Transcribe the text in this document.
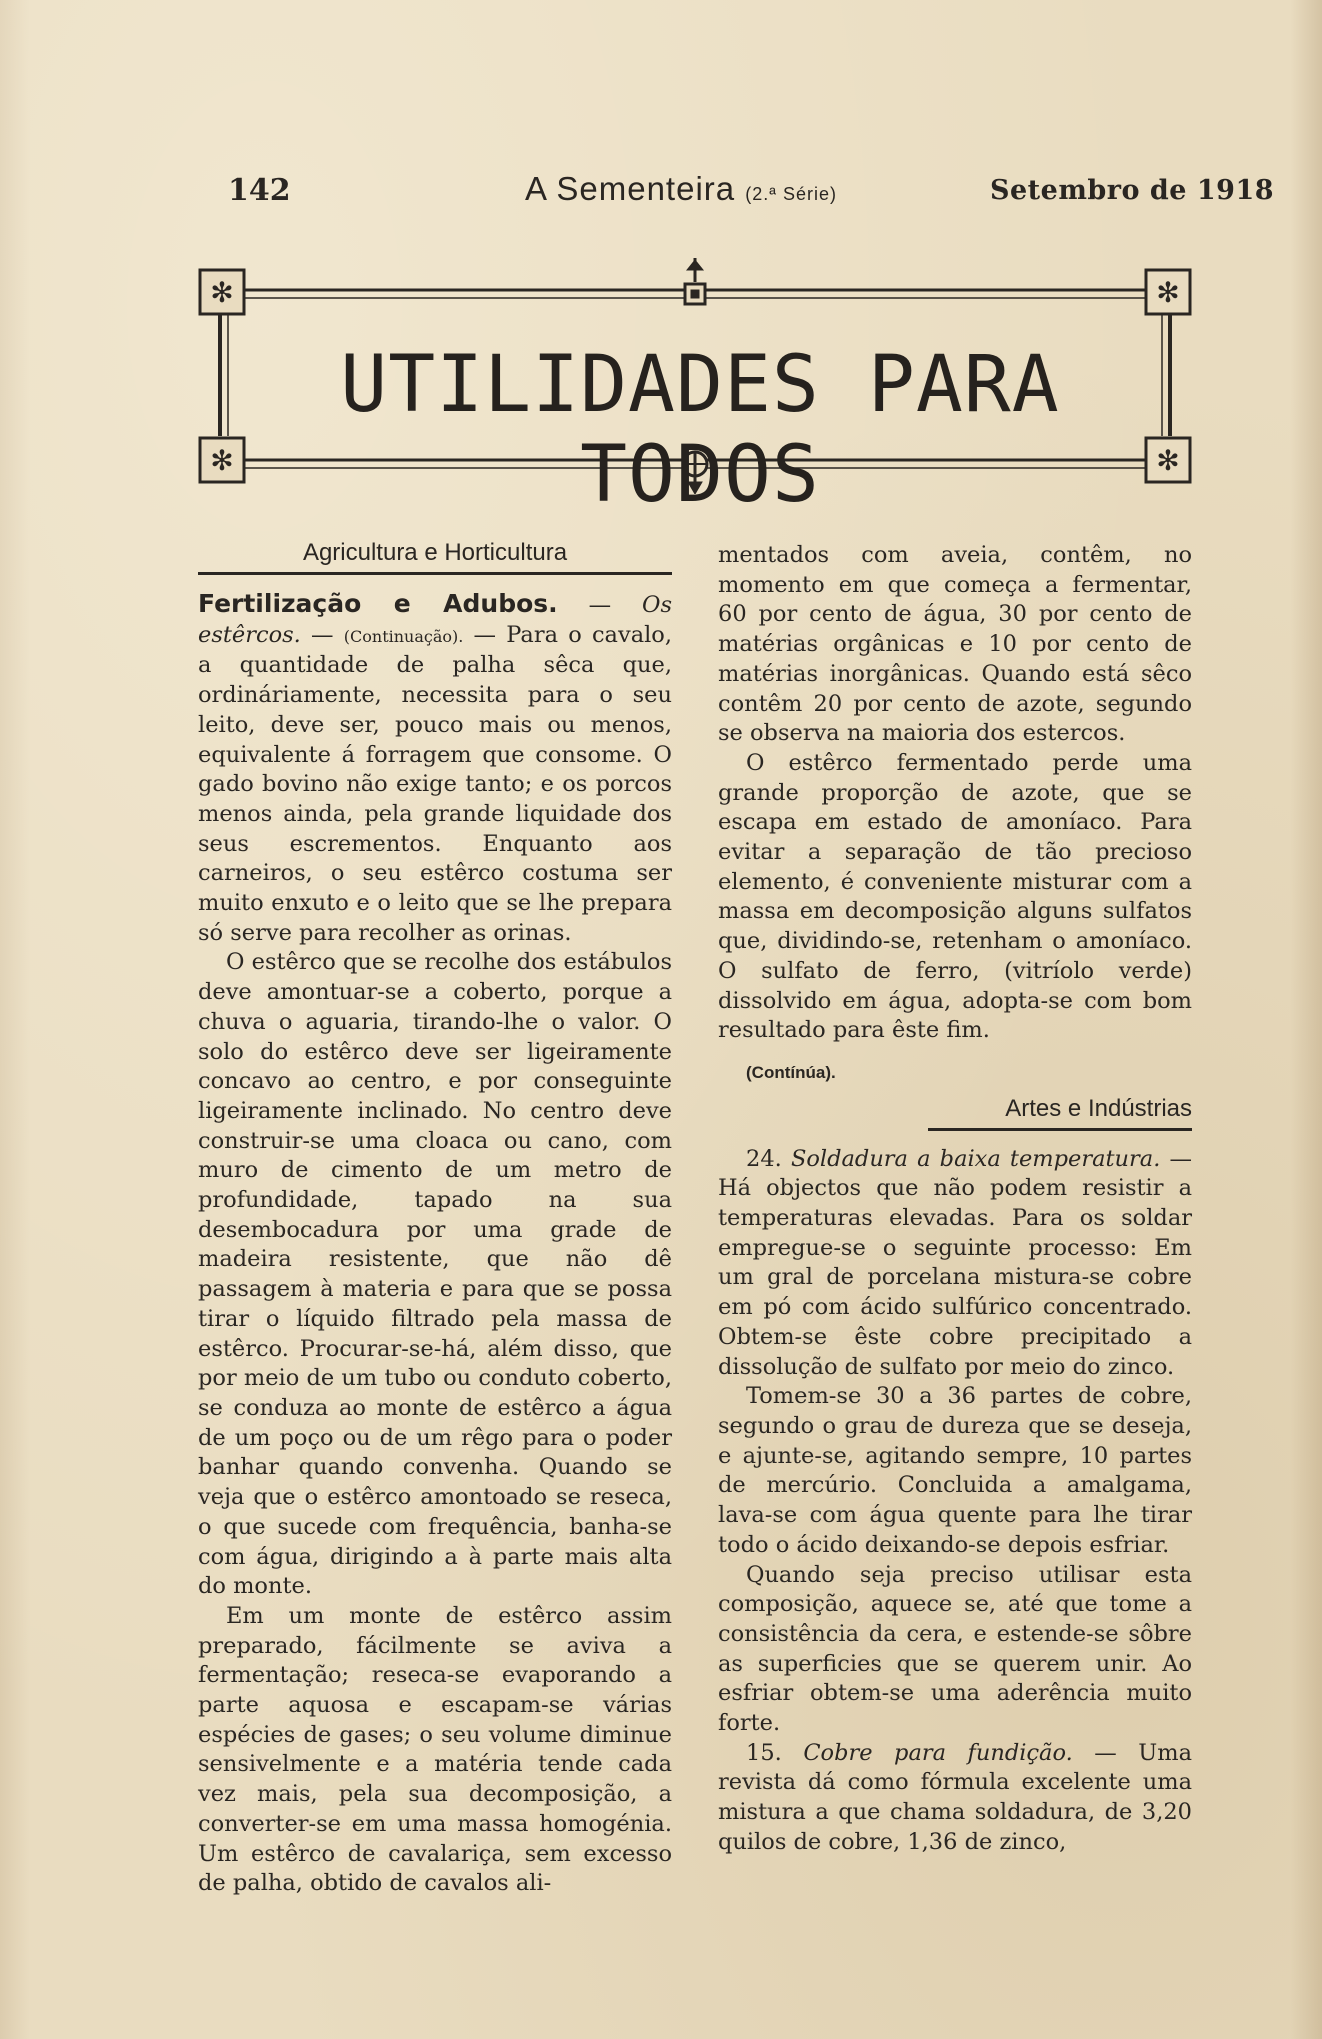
142	A Sementeira (2.ª Série)	Setembro de 1918
✻	✻
✻	✻
UTILIDADES PARA TODOS
Agricultura e Horticultura

Fertilização e Adubos. — Os estêrcos. — (Continuação). — Para o cavalo, a quantidade de palha sêca que, ordináriamente, necessita para o seu leito, deve ser, pouco mais ou menos, equivalente á forragem que consome. O gado bovino não exige tanto; e os porcos menos ainda, pela grande liquidade dos seus escrementos. Enquanto aos carneiros, o seu estêrco costuma ser muito enxuto e o leito que se lhe prepara só serve para recolher as orinas.

O estêrco que se recolhe dos estábulos deve amontuar-se a coberto, porque a chuva o aguaria, tirando-lhe o valor. O solo do estêrco deve ser ligeiramente concavo ao centro, e por conseguinte ligeiramente inclinado. No centro deve construir-se uma cloaca ou cano, com muro de cimento de um metro de profundidade, tapado na sua desembocadura por uma grade de madeira resistente, que não dê passagem à materia e para que se possa tirar o líquido filtrado pela massa de estêrco. Procurar-se-há, além disso, que por meio de um tubo ou conduto coberto, se conduza ao monte de estêrco a água de um poço ou de um rêgo para o poder banhar quando convenha. Quando se veja que o estêrco amontoado se reseca, o que sucede com frequência, banha-se com água, dirigindo a à parte mais alta do monte.

Em um monte de estêrco assim preparado, fácilmente se aviva a fermentação; reseca-se evaporando a parte aquosa e escapam-se várias espécies de gases; o seu volume diminue sensivelmente e a matéria tende cada vez mais, pela sua decomposição, a converter-se em uma massa homogénia. Um estêrco de cavalariça, sem excesso de palha, obtido de cavalos ali-

mentados com aveia, contêm, no momento em que começa a fermentar, 60 por cento de água, 30 por cento de matérias orgânicas e 10 por cento de matérias inorgânicas. Quando está sêco contêm 20 por cento de azote, segundo se observa na maioria dos estercos.

O estêrco fermentado perde uma grande proporção de azote, que se escapa em estado de amoníaco. Para evitar a separação de tão precioso elemento, é conveniente misturar com a massa em decomposição alguns sulfatos que, dividindo-se, retenham o amoníaco. O sulfato de ferro, (vitríolo verde) dissolvido em água, adopta-se com bom resultado para êste fim.

(Contínúa).
Artes e Indústrias

24. Soldadura a baixa temperatura. — Há objectos que não podem resistir a temperaturas elevadas. Para os soldar empregue-se o seguinte processo: Em um gral de porcelana mistura-se cobre em pó com ácido sulfúrico concentrado. Obtem-se êste cobre precipitado a dissolução de sulfato por meio do zinco.

Tomem-se 30 a 36 partes de cobre, segundo o grau de dureza que se deseja, e ajunte-se, agitando sempre, 10 partes de mercúrio. Concluida a amalgama, lava-se com água quente para lhe tirar todo o ácido deixando-se depois esfriar.

Quando seja preciso utilisar esta composição, aquece se, até que tome a consistência da cera, e estende-se sôbre as superficies que se querem unir. Ao esfriar obtem-se uma aderência muito forte.

15. Cobre para fundição. — Uma revista dá como fórmula excelente uma mistura a que chama soldadura, de 3,20 quilos de cobre, 1,36 de zinco,
